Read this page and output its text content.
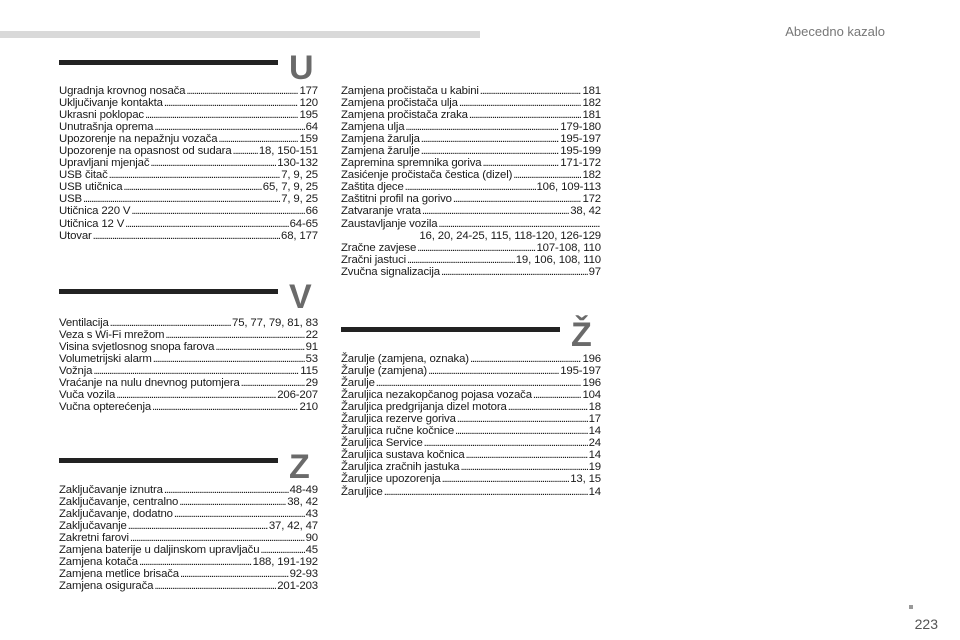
Abecedno kazalo
U
Ugradnja krovnog nosača . . .	177
Uključivanje kontakta . . .	120
Ukrasni poklopac . . .	195
Unutrašnja oprema . . .	64
Upozorenje na nepažnju vozača . . .	159
Upozorenje na opasnost od sudara . . . 18, 150-151
Upravljani mjenjač . . .	130-132
USB čitač . . .	7, 9, 25
USB utičnica . . .	65, 7, 9, 25
USB . . .	7, 9, 25
Utičnica 220 V . . .	66
Utičnica 12 V . . .	64-65
Utovar . . .	68, 177
Zamjena pročistača u kabini . . .	181
Zamjena pročistača ulja . . .	182
Zamjena pročistača zraka . . .	181
Zamjena ulja . . .	179-180
Zamjena žarulja . . .	195-197
Zamjena žarulje . . .	195-199
Zapremina spremnika goriva . . .	171-172
Zasićenje pročistača čestica (dizel) . . .	182
Zaštita djece . . .	106, 109-113
Zaštitni profil na gorivo . . .	172
Zatvaranje vrata . . .	38, 42
Zaustavljanje vozila
. . .
16, 20, 24-25, 115, 118-120, 126-129
Zračne zavjese . . .	107-108, 110
Zračni jastuci . . .	19, 106, 108, 110
Zvučna signalizacija . . .	97
V
Ventilacija . . .	75, 77, 79, 81, 83
Veza s Wi-Fi mrežom . . .	22
Visina svjetlosnog snopa farova . . .	91
Volumetrijski alarm . . .	53
Vožnja . . .	115
Vraćanje na nulu dnevnog putomjera . . .	29
Vuča vozila . . .	206-207
Vučna opterećenja . . .	210
Z
Zaključavanje iznutra . . .	48-49
Zaključavanje, centralno . . .	38, 42
Zaključavanje, dodatno . . .	43
Zaključavanje . . .	37, 42, 47
Zakretni farovi . . .	90
Zamjena baterije u daljinskom upravljaču . . .	45
Zamjena kotača . . .	188, 191-192
Zamjena metlice brisača . . .	92-93
Zamjena osigurača . . .	201-203
Ž
Žarulje (zamjena, oznaka) . . .	196
Žarulje (zamjena) . . .	195-197
Žarulje . . .	196
Žaruljica nezakopčanog pojasa vozača . . .	104
Žaruljica predgrijanja dizel motora . . .	18
Žaruljica rezerve goriva . . .	17
Žaruljica ručne kočnice . . .	14
Žaruljica Service . . .	24
Žaruljica sustava kočnica . . .	14
Žaruljica zračnih jastuka . . .	19
Žaruljice upozorenja . . .	13, 15
Žaruljice . . .	14
223
